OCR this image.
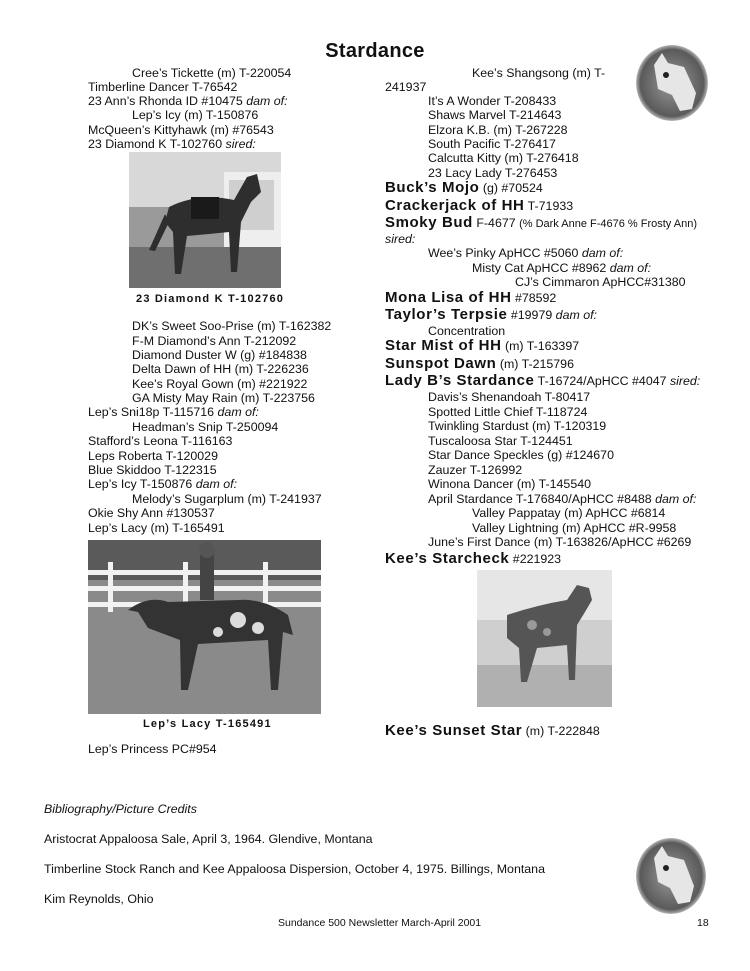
Stardance
Cree’s Tickette (m) T-220054
Timberline Dancer T-76542
23 Ann’s Rhonda ID #10475 dam of:
Lep’s Icy (m) T-150876
McQueen’s Kittyhawk (m) #76543
23 Diamond K T-102760 sired:
DK’s Sweet Soo-Prise (m) T-162382
F-M Diamond’s Ann T-212092
Diamond Duster W (g) #184838
Delta Dawn of HH (m) T-226236
Kee’s Royal Gown (m) #221922
GA Misty May Rain (m) T-223756
Lep’s Sni18p T-115716 dam of:
Headman’s Snip T-250094
Stafford’s Leona T-116163
Leps Roberta T-120029
Blue Skiddoo T-122315
Lep’s Icy T-150876 dam of:
Melody’s Sugarplum (m) T-241937
Okie Shy Ann #130537
Lep’s Lacy (m) T-165491
Lep’s Princess PC#954
Kee’s Shangsong (m) T-
241937
It’s A Wonder T-208433
Shaws Marvel T-214643
Elzora K.B. (m) T-267228
South Pacific T-276417
Calcutta Kitty (m) T-276418
23 Lacy Lady T-276453
Buck’s Mojo (g) #70524
Crackerjack of HH T-71933
Smoky Bud F-4677 (% Dark Anne F-4676 % Frosty Ann)
sired:
Wee’s Pinky ApHCC #5060 dam of:
Misty Cat ApHCC #8962 dam of:
CJ’s Cimmaron ApHCC#31380
Mona Lisa of HH #78592
Taylor’s Terpsie #19979 dam of:
Concentration
Star Mist of HH (m) T-163397
Sunspot Dawn (m) T-215796
Lady B’s Stardance T-16724/ApHCC #4047 sired:
Davis’s Shenandoah T-80417
Spotted Little Chief T-118724
Twinkling Stardust (m) T-120319
Tuscaloosa Star T-124451
Star Dance Speckles (g) #124670
Zauzer T-126992
Winona Dancer (m) T-145540
April Stardance T-176840/ApHCC #8488 dam of:
Valley Pappatay (m) ApHCC #6814
Valley Lightning (m) ApHCC #R-9958
June’s First Dance (m) T-163826/ApHCC #6269
Kee’s Starcheck #221923
Kee’s Sunset Star (m) T-222848
23 Diamond K T-102760
Lep’s Lacy T-165491
Bibliography/Picture Credits
Aristocrat Appaloosa Sale, April 3, 1964. Glendive, Montana
Timberline Stock Ranch and Kee Appaloosa Dispersion, October 4, 1975. Billings, Montana
Kim Reynolds, Ohio
Sundance 500 Newsletter March-April 2001	18
